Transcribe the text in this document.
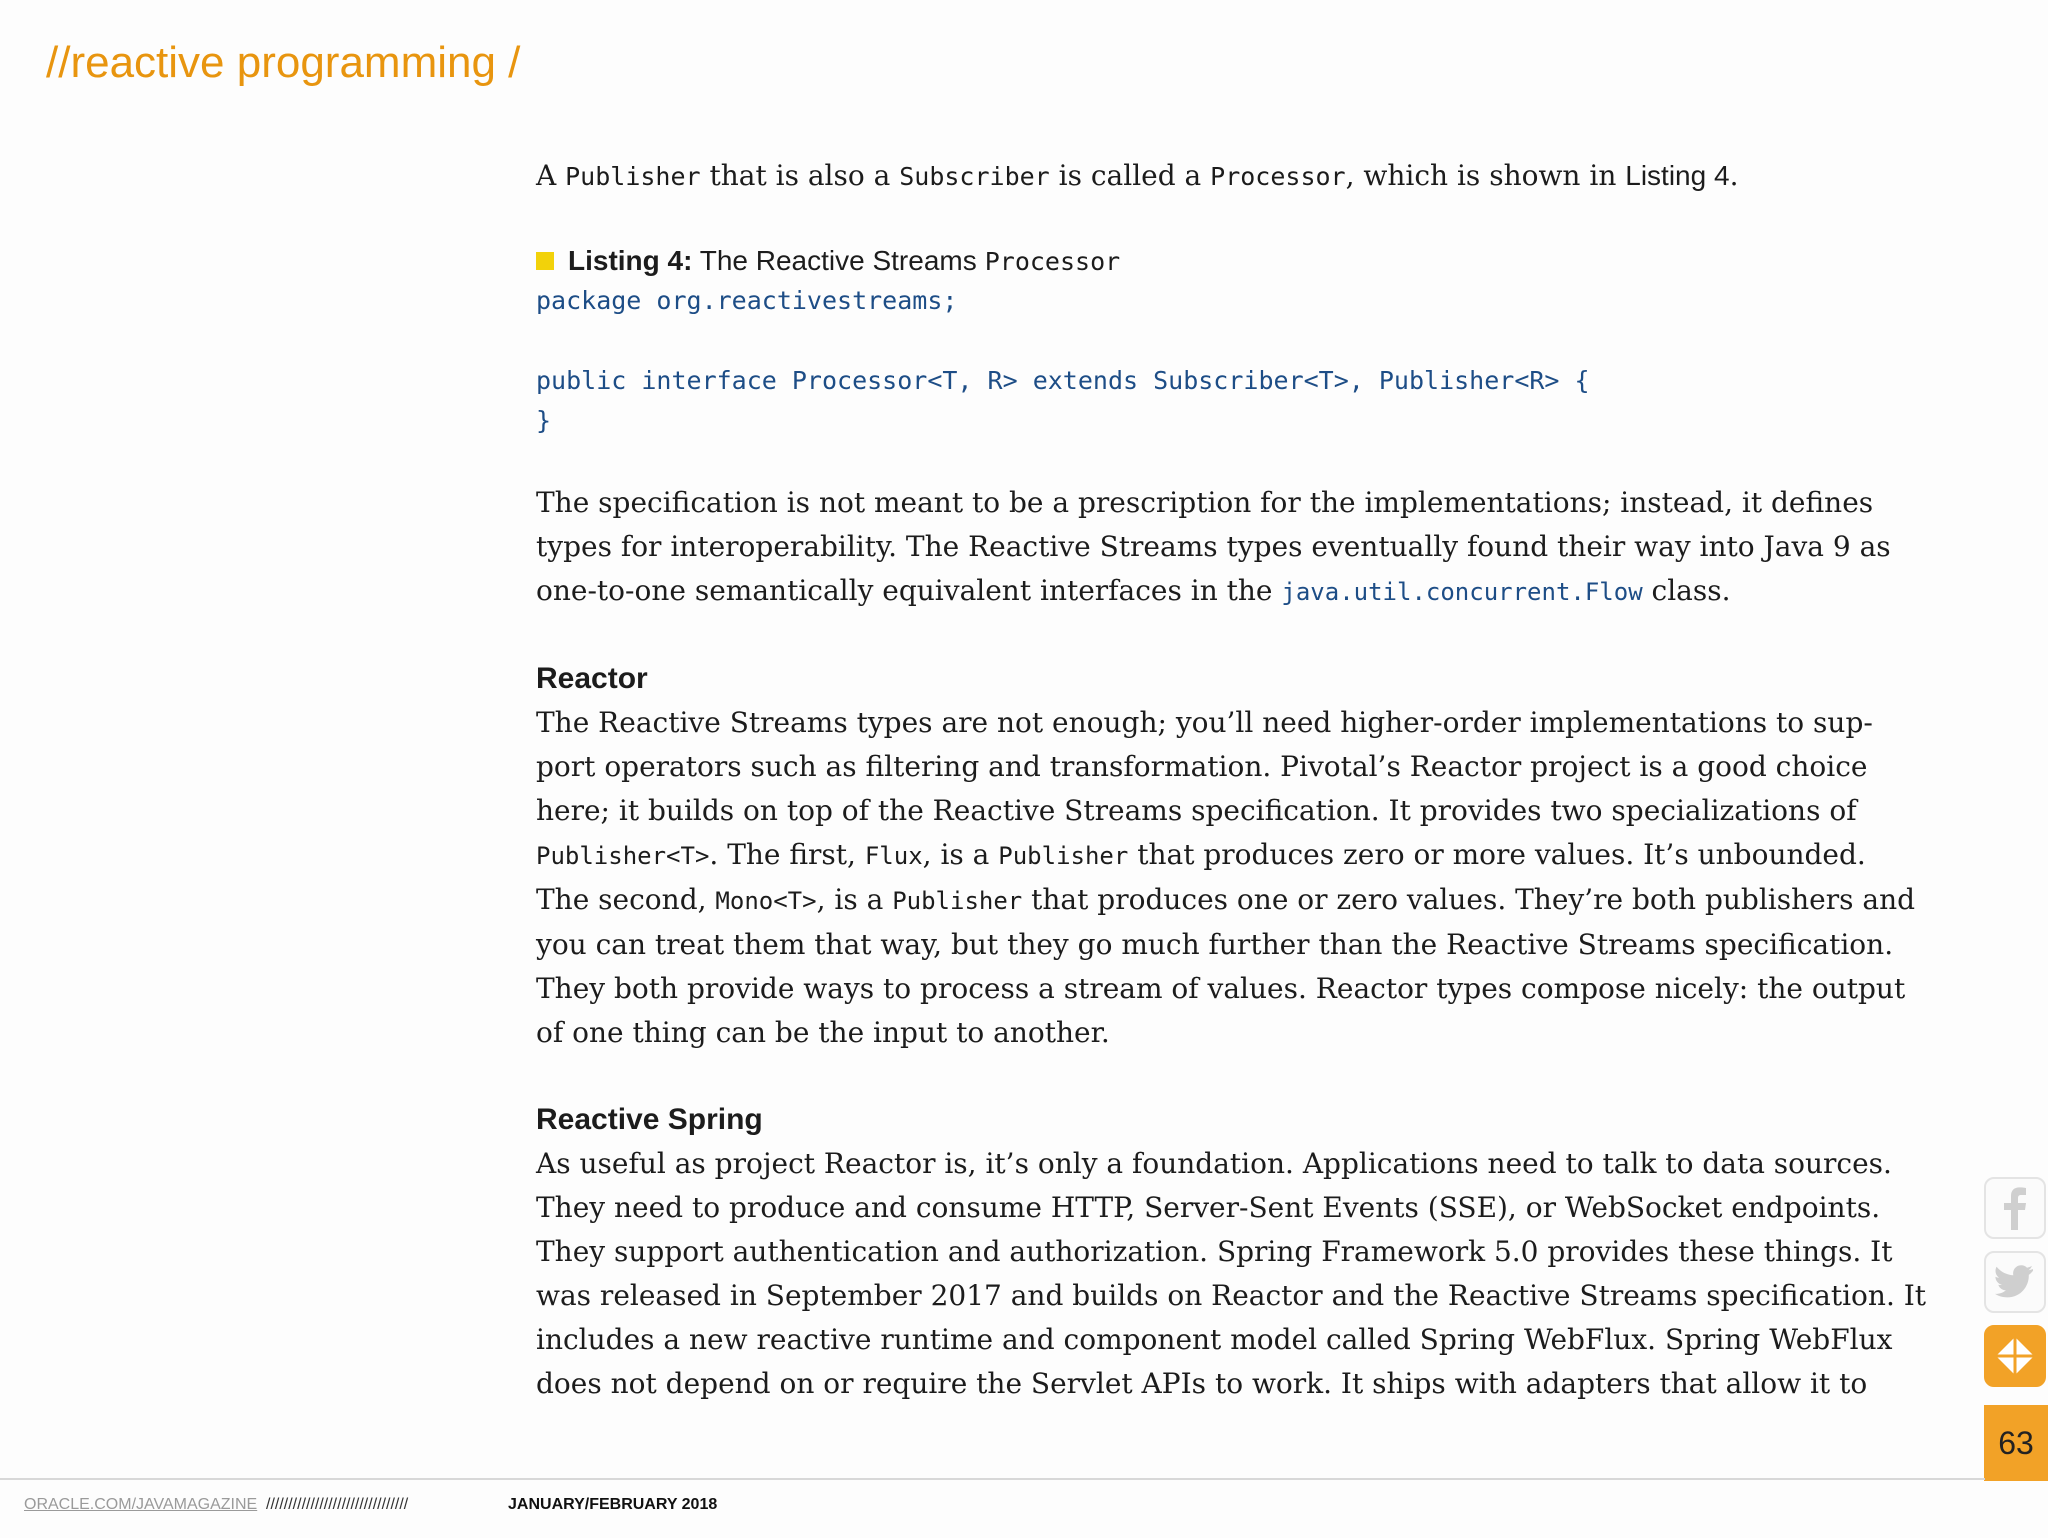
//reactive programming /

A Publisher that is also a Subscriber is called a Processor, which is shown in Listing 4.

Listing 4: The Reactive Streams Processor
package org.reactivestreams;
public interface Processor<T, R> extends Subscriber<T>, Publisher<R> {
}

The specification is not meant to be a prescription for the implementations; instead, it defines
types for interoperability. The Reactive Streams types eventually found their way into Java 9 as
one-to-one semantically equivalent interfaces in the java.util.concurrent.Flow class.

Reactor

The Reactive Streams types are not enough; you’ll need higher-order implementations to sup-
port operators such as filtering and transformation. Pivotal’s Reactor project is a good choice
here; it builds on top of the Reactive Streams specification. It provides two specializations of
Publisher<T>. The first, Flux, is a Publisher that produces zero or more values. It’s unbounded.
The second, Mono<T>, is a Publisher that produces one or zero values. They’re both publishers and
you can treat them that way, but they go much further than the Reactive Streams specification.
They both provide ways to process a stream of values. Reactor types compose nicely: the output
of one thing can be the input to another.

Reactive Spring

As useful as project Reactor is, it’s only a foundation. Applications need to talk to data sources.
They need to produce and consume HTTP, Server-Sent Events (SSE), or WebSocket endpoints.
They support authentication and authorization. Spring Framework 5.0 provides these things. It
was released in September 2017 and builds on Reactor and the Reactive Streams specification. It
includes a new reactive runtime and component model called Spring WebFlux. Spring WebFlux
does not depend on or require the Servlet APIs to work. It ships with adapters that allow it to

63
ORACLE.COM/JAVAMAGAZINE ////////////////////////////////	JANUARY/FEBRUARY 2018
